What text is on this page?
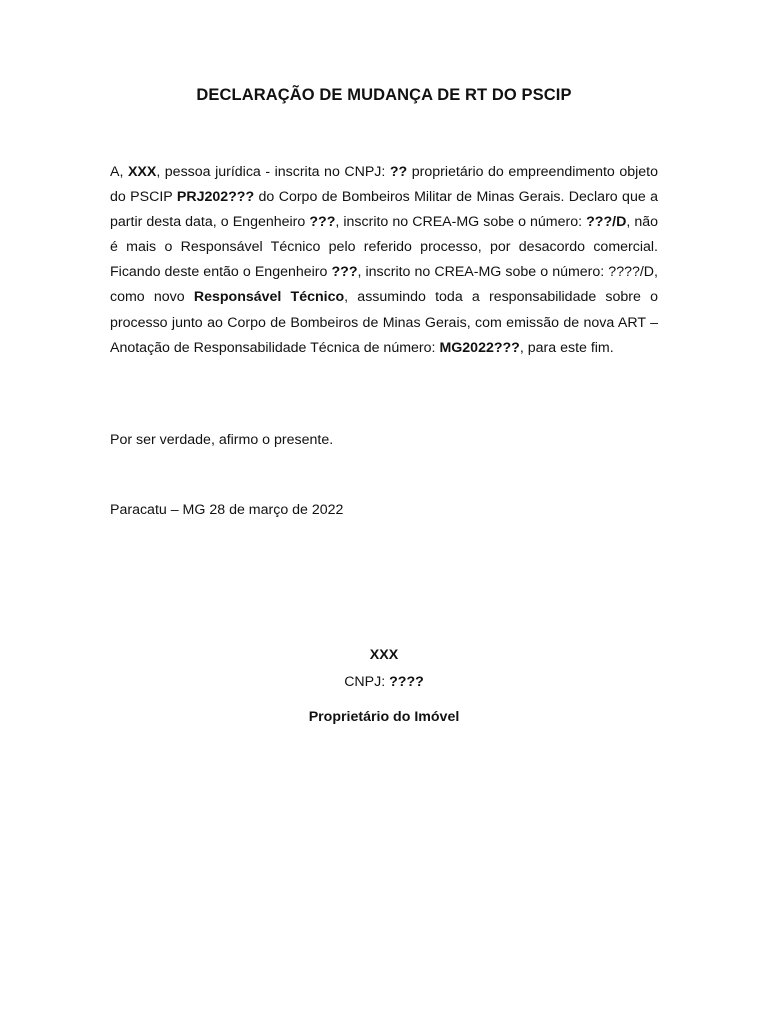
DECLARAÇÃO DE MUDANÇA DE RT DO PSCIP
A, XXX, pessoa jurídica - inscrita no CNPJ: ?? proprietário do empreendimento objeto do PSCIP PRJ202??? do Corpo de Bombeiros Militar de Minas Gerais. Declaro que a partir desta data, o Engenheiro ???, inscrito no CREA-MG sobe o número: ???/D, não é mais o Responsável Técnico pelo referido processo, por desacordo comercial. Ficando deste então o Engenheiro ???, inscrito no CREA-MG sobe o número: ????/D, como novo Responsável Técnico, assumindo toda a responsabilidade sobre o processo junto ao Corpo de Bombeiros de Minas Gerais, com emissão de nova ART – Anotação de Responsabilidade Técnica de número: MG2022???, para este fim.
Por ser verdade, afirmo o presente.
Paracatu – MG 28 de março de 2022
XXX
CNPJ: ????
Proprietário do Imóvel
